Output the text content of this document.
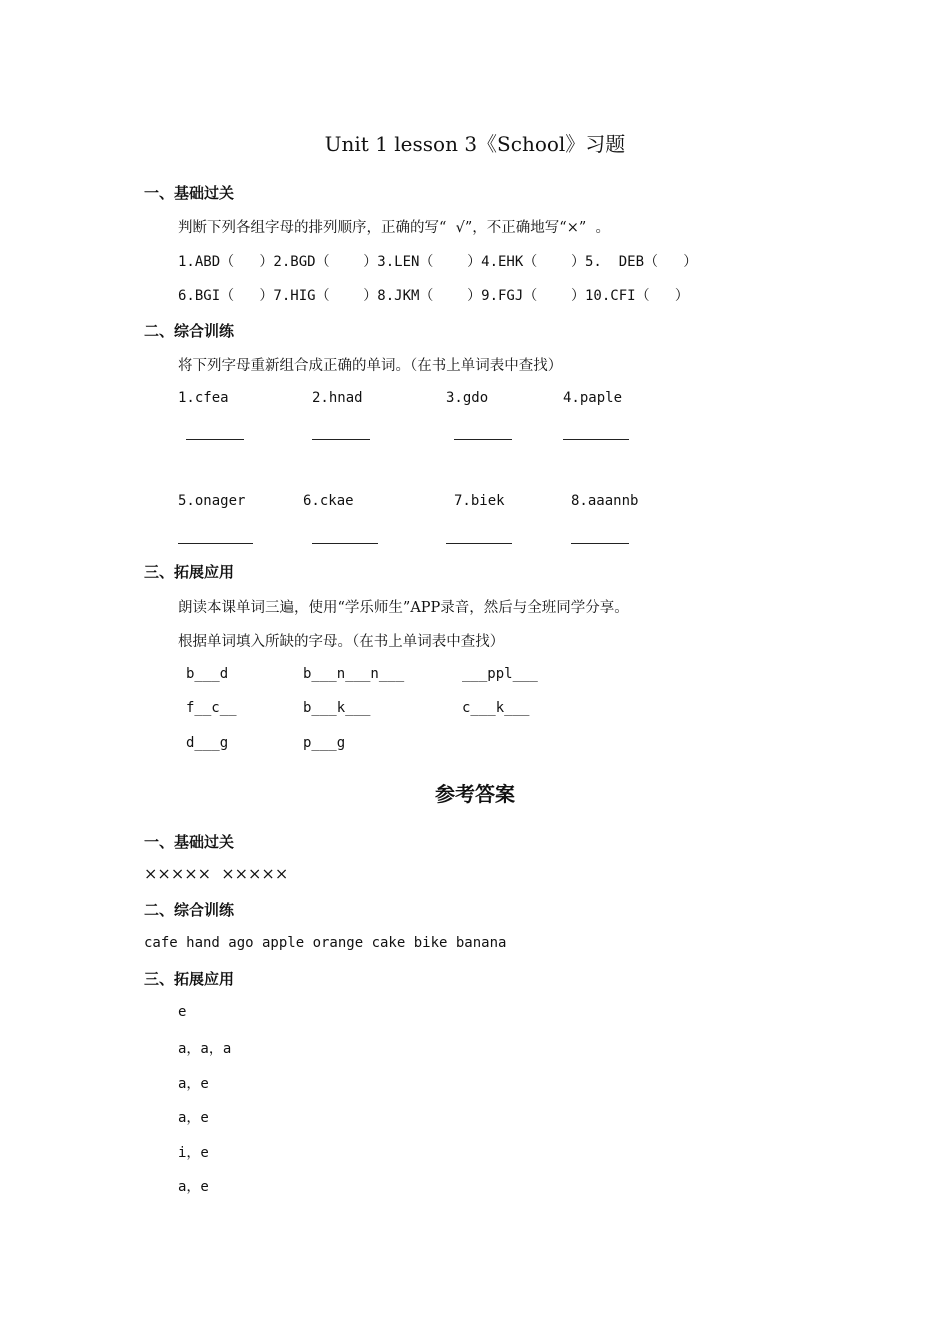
Unit 1 lesson 3《School》习题
一、基础过关
判断下列各组字母的排列顺序，正确的写“  √”，不正确地写“×”  。
1.ABD（   ）2.BGD（    ）3.LEN（    ）4.EHK（    ）5.  DEB（   ）
6.BGI（   ）7.HIG（    ）8.JKM（    ）9.FGJ（    ）10.CFI（   ）
二、综合训练
将下列字母重新组合成正确的单词。（在书上单词表中查找）
1.cfea	2.hnad	3.gdo	4.paple
5.onager	6.ckae	7.biek	8.aaannb
三、拓展应用
朗读本课单词三遍，使用“学乐师生”APP录音，然后与全班同学分享。
根据单词填入所缺的字母。（在书上单词表中查找）
b___d	b___n___n___	___ppl___
f__c__	b___k___	c___k___
d___g	p___g
参考答案
一、基础过关
×××××  ×××××
二、综合训练
cafe hand ago apple orange cake bike banana
三、拓展应用
e
a，a，a
a，e
a，e
i，e
a，e
